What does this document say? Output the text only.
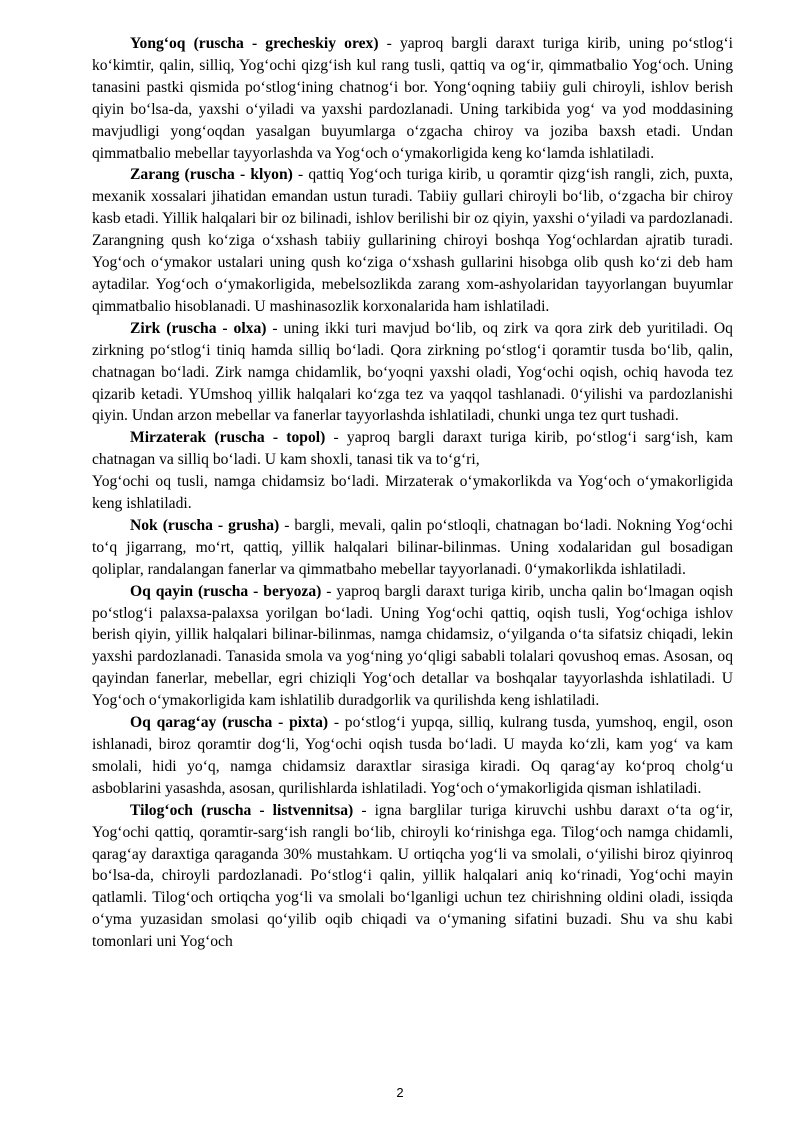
Yong‘oq (ruscha - grecheskiy orex) - yaproq bargli daraxt turiga kirib, uning po‘stlog‘i ko‘kimtir, qalin, silliq, Yog‘ochi qizg‘ish kul rang tusli, qattiq va og‘ir, qimmatbalio Yog‘och. Uning tanasini pastki qismida po‘stlog‘ining chatnog‘i bor. Yong‘oqning tabiiy guli chiroyli, ishlov berish qiyin bo‘lsa-da, yaxshi o‘yiladi va yaxshi pardozlanadi. Uning tarkibida yog‘ va yod moddasining mavjudligi yong‘oqdan yasalgan buyumlarga o‘zgacha chiroy va joziba baxsh etadi. Undan qimmatbalio mebellar tayyorlashda va Yog‘och o‘ymakorligida keng ko‘lamda ishlatiladi.

Zarang (ruscha - klyon) - qattiq Yog‘och turiga kirib, u qoramtir qizg‘ish rangli, zich, puxta, mexanik xossalari jihatidan emandan ustun turadi. Tabiiy gullari chiroyli bo‘lib, o‘zgacha bir chiroy kasb etadi. Yillik halqalari bir oz bilinadi, ishlov berilishi bir oz qiyin, yaxshi o‘yiladi va pardozlanadi. Zarangning qush ko‘ziga o‘xshash tabiiy gullarining chiroyi boshqa Yog‘ochlardan ajratib turadi. Yog‘och o‘ymakor ustalari uning qush ko‘ziga o‘xshash gullarini hisobga olib qush ko‘zi deb ham aytadilar. Yog‘och o‘ymakorligida, mebelsozlikda zarang xom-ashyolaridan tayyorlangan buyumlar qimmatbalio hisoblanadi. U mashinasozlik korxonalarida ham ishlatiladi.

Zirk (ruscha - olxa) - uning ikki turi mavjud bo‘lib, oq zirk va qora zirk deb yuritiladi. Oq zirkning po‘stlog‘i tiniq hamda silliq bo‘ladi. Qora zirkning po‘stlog‘i qoramtir tusda bo‘lib, qalin, chatnagan bo‘ladi. Zirk namga chidamlik, bo‘yoqni yaxshi oladi, Yog‘ochi oqish, ochiq havoda tez qizarib ketadi. YUmshoq yillik halqalari ko‘zga tez va yaqqol tashlanadi. 0‘yilishi va pardozlanishi qiyin. Undan arzon mebellar va fanerlar tayyorlashda ishlatiladi, chunki unga tez qurt tushadi.

Mirzaterak (ruscha - topol) - yaproq bargli daraxt turiga kirib, po‘stlog‘i sarg‘ish, kam chatnagan va silliq bo‘ladi. U kam shoxli, tanasi tik va to‘g‘ri,

Yog‘ochi oq tusli, namga chidamsiz bo‘ladi. Mirzaterak o‘ymakorlikda va Yog‘och o‘ymakorligida keng ishlatiladi.

Nok (ruscha - grusha) - bargli, mevali, qalin po‘stloqli, chatnagan bo‘ladi. Nokning Yog‘ochi to‘q jigarrang, mo‘rt, qattiq, yillik halqalari bilinar-bilinmas. Uning xodalaridan gul bosadigan qoliplar, randalangan fanerlar va qimmatbaho mebellar tayyorlanadi. 0‘ymakorlikda ishlatiladi.

Oq qayin (ruscha - beryoza) - yaproq bargli daraxt turiga kirib, uncha qalin bo‘lmagan oqish po‘stlog‘i palaxsa-palaxsa yorilgan bo‘ladi. Uning Yog‘ochi qattiq, oqish tusli, Yog‘ochiga ishlov berish qiyin, yillik halqalari bilinar-bilinmas, namga chidamsiz, o‘yilganda o‘ta sifatsiz chiqadi, lekin yaxshi pardozlanadi. Tanasida smola va yog‘ning yo‘qligi sababli tolalari qovushoq emas. Asosan, oq qayindan fanerlar, mebellar, egri chiziqli Yog‘och detallar va boshqalar tayyorlashda ishlatiladi. U Yog‘och o‘ymakorligida kam ishlatilib duradgorlik va qurilishda keng ishlatiladi.

Oq qarag‘ay (ruscha - pixta) - po‘stlog‘i yupqa, silliq, kulrang tusda, yumshoq, engil, oson ishlanadi, biroz qoramtir dog‘li, Yog‘ochi oqish tusda bo‘ladi. U mayda ko‘zli, kam yog‘ va kam smolali, hidi yo‘q, namga chidamsiz daraxtlar sirasiga kiradi. Oq qarag‘ay ko‘proq cholg‘u asboblarini yasashda, asosan, qurilishlarda ishlatiladi. Yog‘och o‘ymakorligida qisman ishlatiladi.

Tilog‘och (ruscha - listvennitsa) - igna barglilar turiga kiruvchi ushbu daraxt o‘ta og‘ir, Yog‘ochi qattiq, qoramtir-sarg‘ish rangli bo‘lib, chiroyli ko‘rinishga ega. Tilog‘och namga chidamli, qarag‘ay daraxtiga qaraganda 30% mustahkam. U ortiqcha yog‘li va smolali, o‘yilishi biroz qiyinroq bo‘lsa-da, chiroyli pardozlanadi. Po‘stlog‘i qalin, yillik halqalari aniq ko‘rinadi, Yog‘ochi mayin qatlamli. Tilog‘och ortiqcha yog‘li va smolali bo‘lganligi uchun tez chirishning oldini oladi, issiqda o‘yma yuzasidan smolasi qo‘yilib oqib chiqadi va o‘ymaning sifatini buzadi. Shu va shu kabi tomonlari uni Yog‘och

2
